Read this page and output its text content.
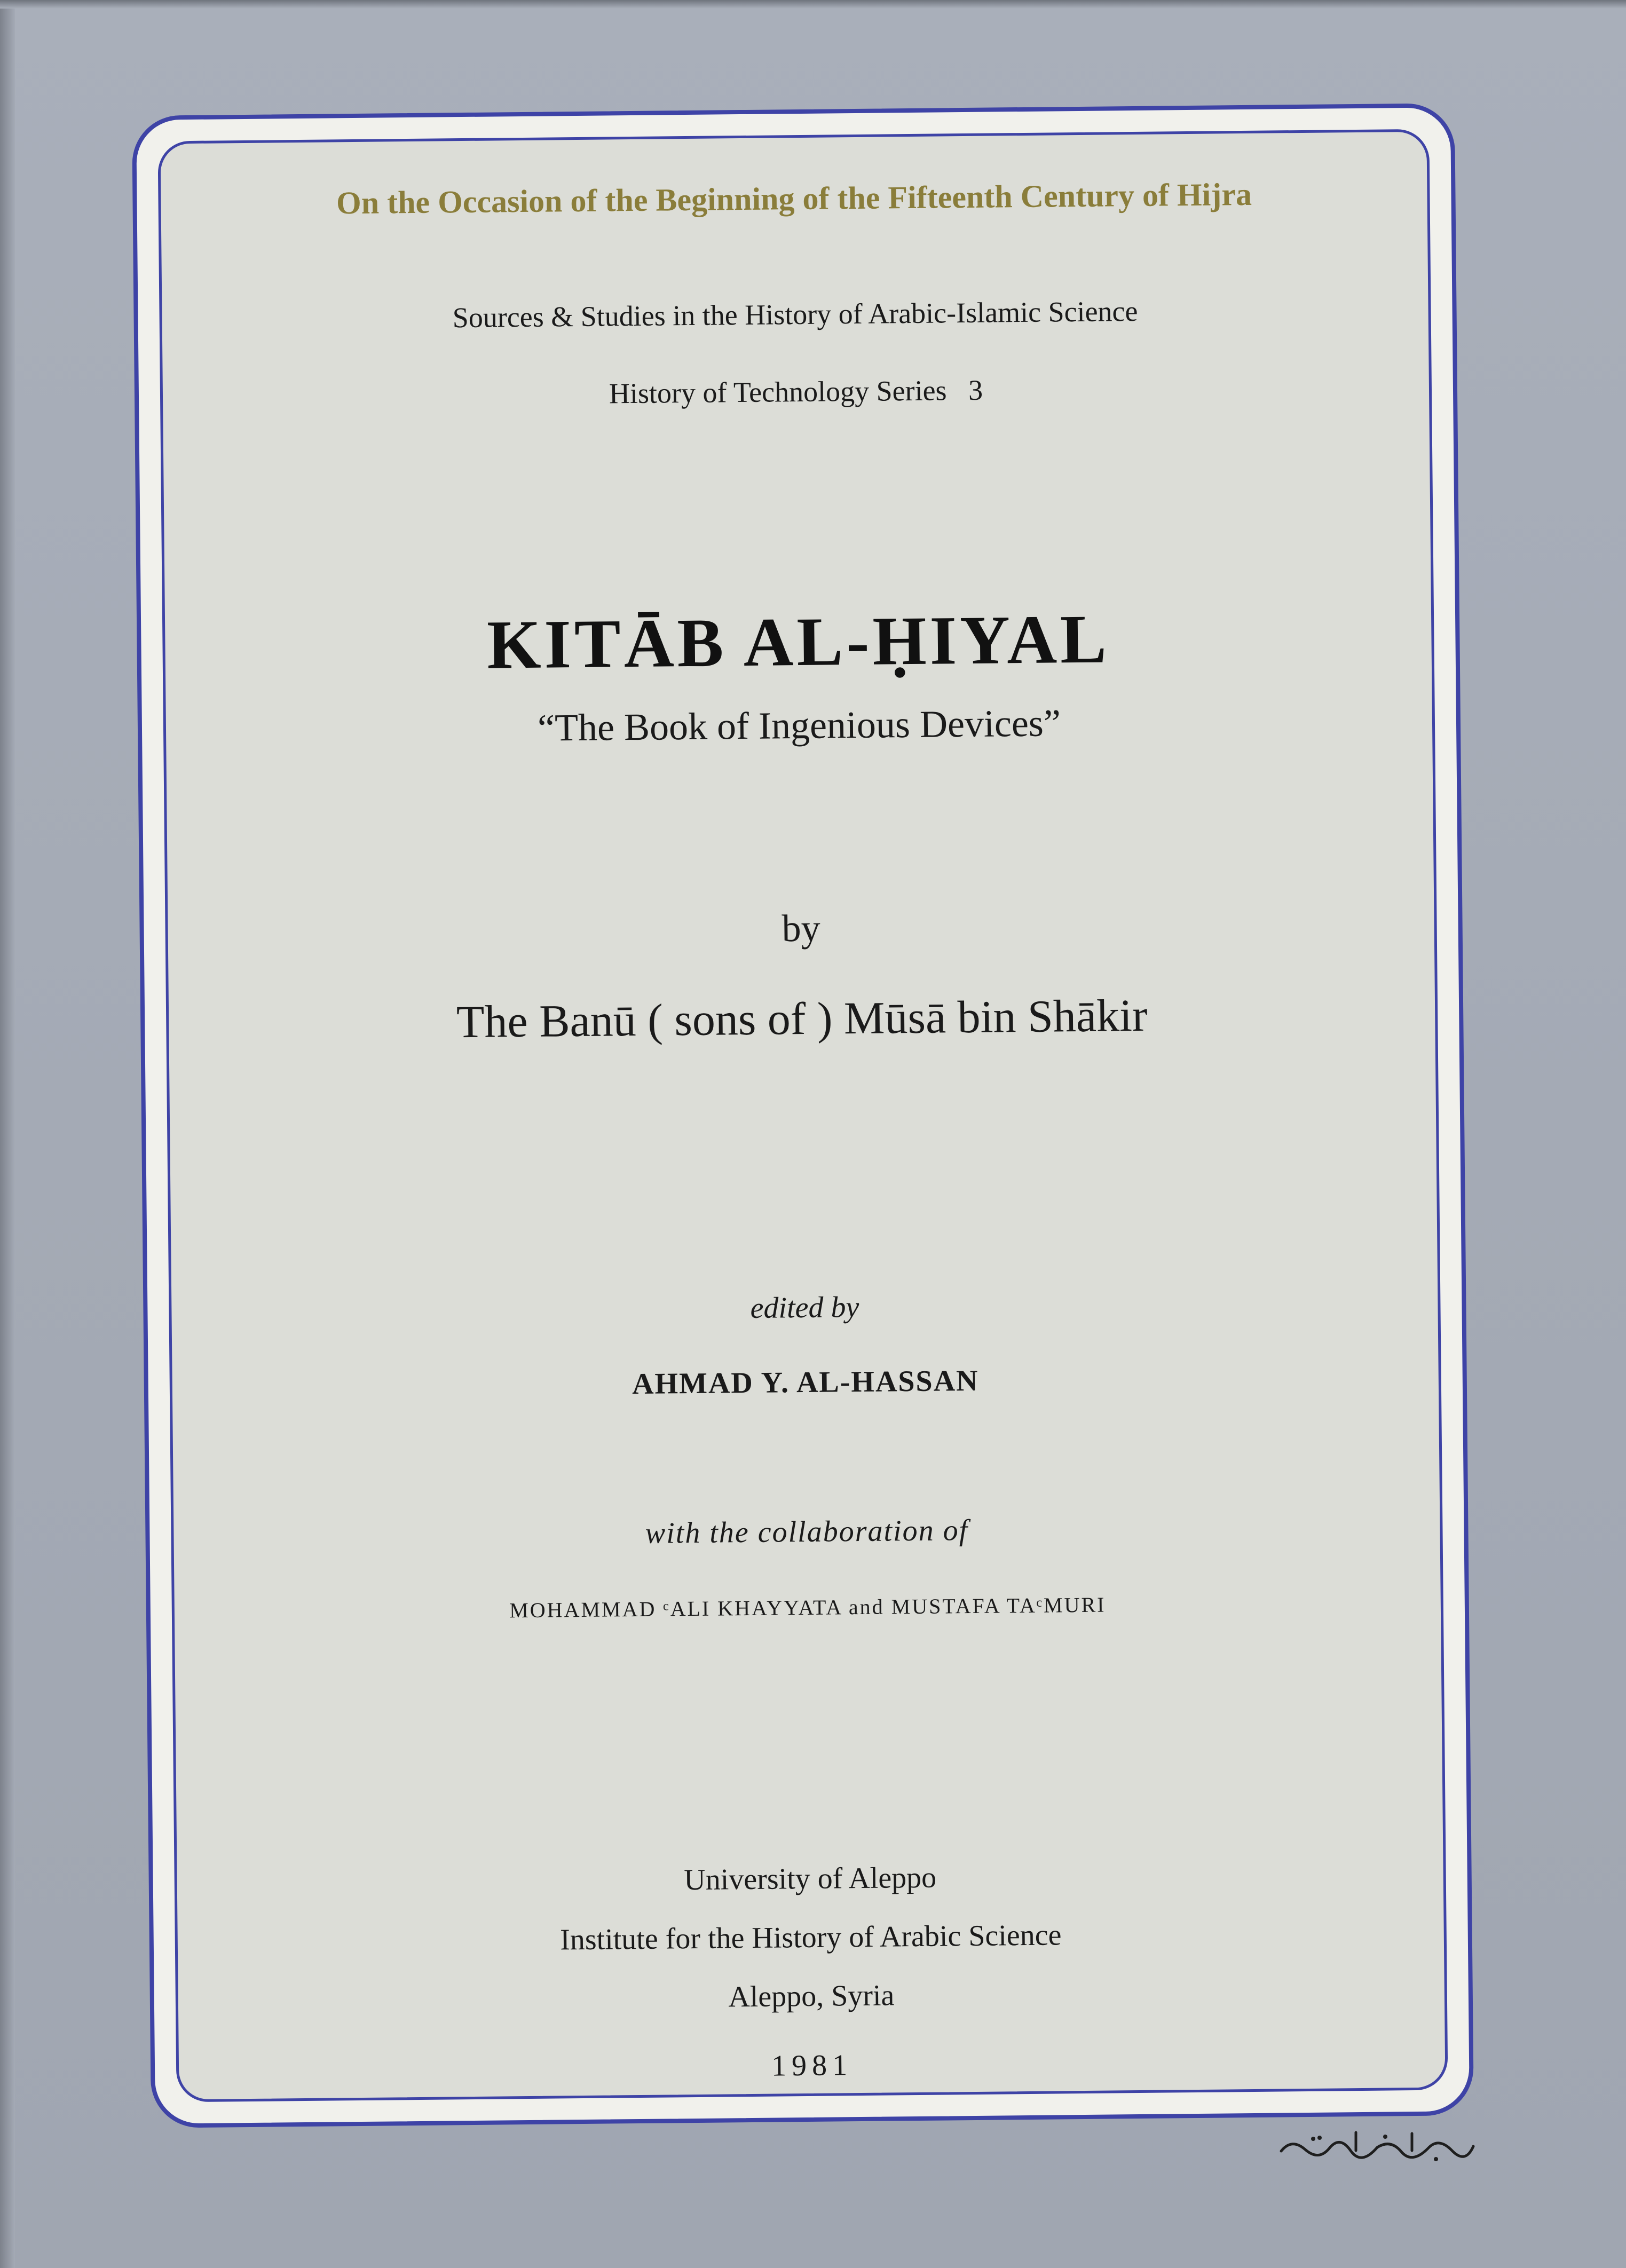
On the Occasion of the Beginning of the Fifteenth Century of Hijra
Sources & Studies in the History of Arabic-Islamic Science
History of Technology Series   3
KITĀB AL-ḤIYAL
“The Book of Ingenious Devices”
by
The Banū ( sons of ) Mūsā bin Shākir
edited by
AHMAD Y. AL-HASSAN
with the collaboration of
MOHAMMAD ᶜALI KHAYYATA and MUSTAFA TAᶜMURI
University of Aleppo
Institute for the History of Arabic Science
Aleppo, Syria
1981
